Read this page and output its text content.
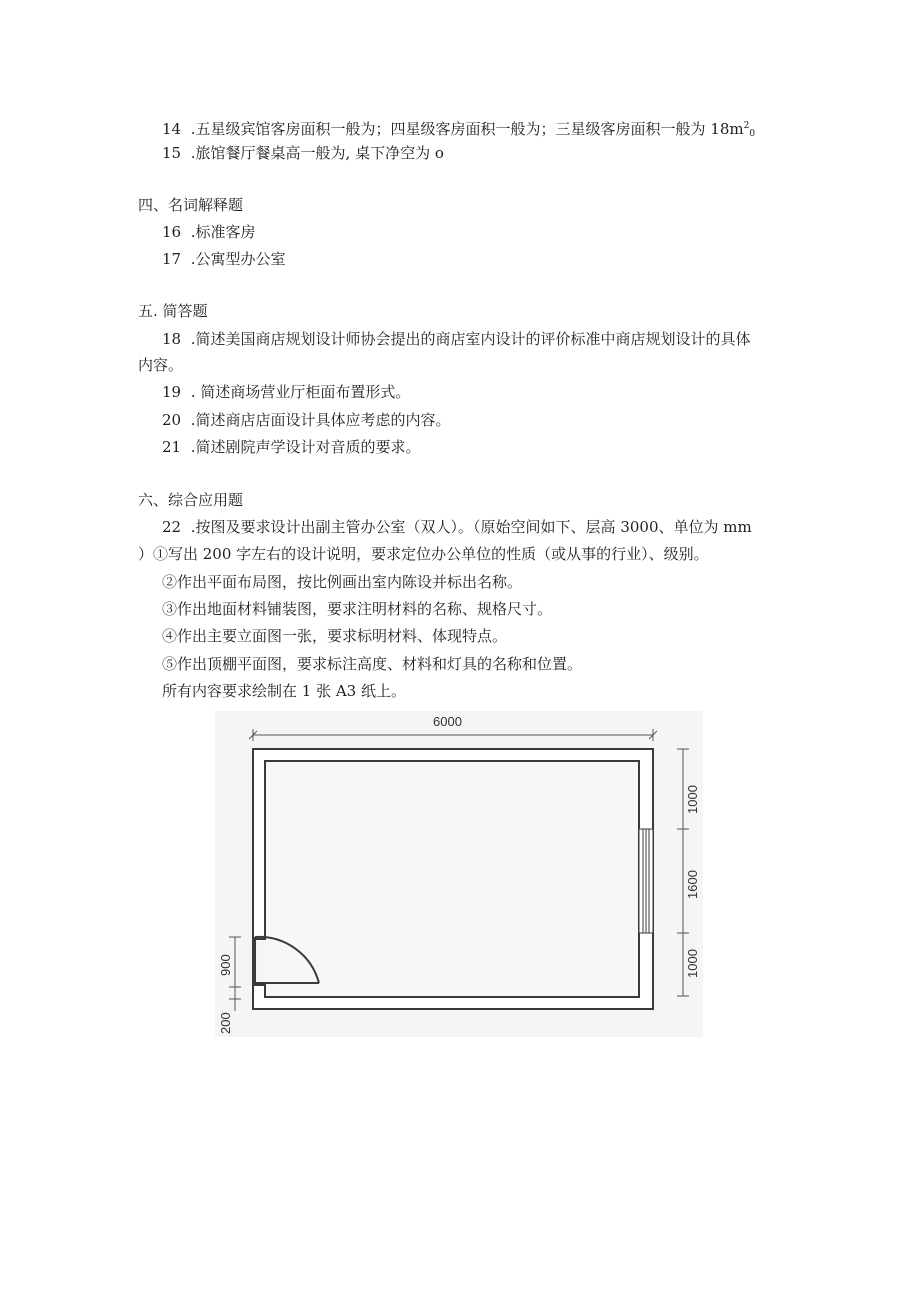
14 .五星级宾馆客房面积一般为；四星级客房面积一般为；三星级客房面积一般为 $18m^2_0$
15 .旅馆餐厅餐桌高一般为, 桌下净空为 o
四、名词解释题
16 .标准客房
17 .公寓型办公室
五. 简答题
18 .简述美国商店规划设计师协会提出的商店室内设计的评价标准中商店规划设计的具体
内容。
19 . 简述商场营业厅柜面布置形式。
20 .简述商店店面设计具体应考虑的内容。
21 .简述剧院声学设计对音质的要求。
六、综合应用题
22 .按图及要求设计出副主管办公室（双人）。（原始空间如下、层高 3000、单位为 mm
）①写出 200 字左右的设计说明，要求定位办公单位的性质（或从事的行业）、级别。
②作出平面布局图，按比例画出室内陈设并标出名称。
③作出地面材料铺装图，要求注明材料的名称、规格尺寸。
④作出主要立面图一张，要求标明材料、体现特点。
⑤作出顶棚平面图，要求标注高度、材料和灯具的名称和位置。
所有内容要求绘制在 1 张 A3 纸上。
6000
1000
1600
1000
900
200
